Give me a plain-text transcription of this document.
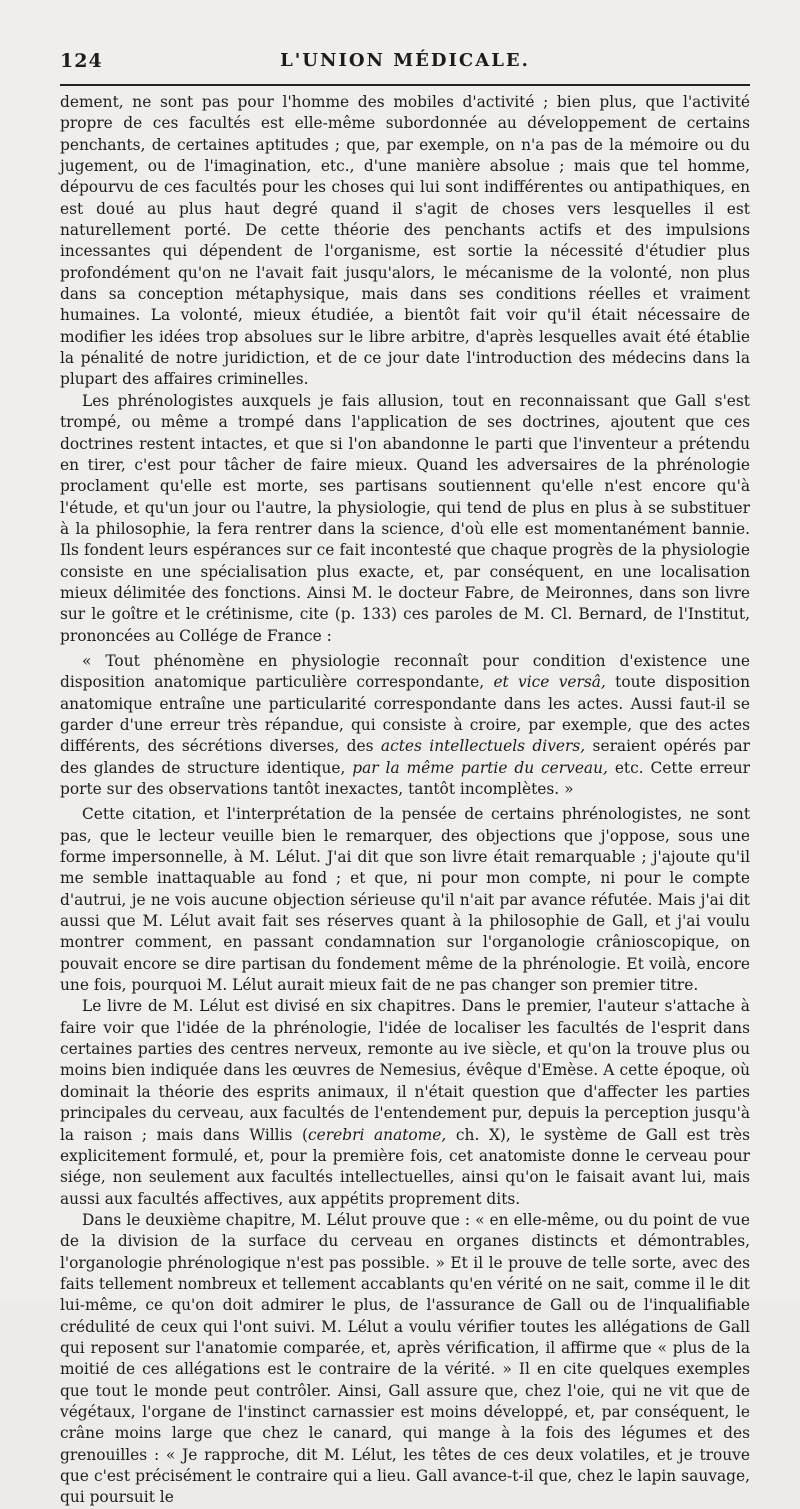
124	L'UNION MÉDICALE.

dement, ne sont pas pour l'homme des mobiles d'activité ; bien plus, que l'activité propre de ces facultés est elle-même subordonnée au développement de certains penchants, de certaines aptitudes ; que, par exemple, on n'a pas de la mémoire ou du jugement, ou de l'imagination, etc., d'une manière absolue ; mais que tel homme, dépourvu de ces facultés pour les choses qui lui sont indifférentes ou antipathiques, en est doué au plus haut degré quand il s'agit de choses vers lesquelles il est naturellement porté. De cette théorie des penchants actifs et des impulsions incessantes qui dépendent de l'organisme, est sortie la nécessité d'étudier plus profondément qu'on ne l'avait fait jusqu'alors, le mécanisme de la volonté, non plus dans sa conception métaphysique, mais dans ses conditions réelles et vraiment humaines. La volonté, mieux étudiée, a bientôt fait voir qu'il était nécessaire de modifier les idées trop absolues sur le libre arbitre, d'après lesquelles avait été établie la pénalité de notre juridiction, et de ce jour date l'introduction des médecins dans la plupart des affaires criminelles.

Les phrénologistes auxquels je fais allusion, tout en reconnaissant que Gall s'est trompé, ou même a trompé dans l'application de ses doctrines, ajoutent que ces doctrines restent intactes, et que si l'on abandonne le parti que l'inventeur a prétendu en tirer, c'est pour tâcher de faire mieux. Quand les adversaires de la phrénologie proclament qu'elle est morte, ses partisans soutiennent qu'elle n'est encore qu'à l'étude, et qu'un jour ou l'autre, la physiologie, qui tend de plus en plus à se substituer à la philosophie, la fera rentrer dans la science, d'où elle est momentanément bannie. Ils fondent leurs espérances sur ce fait incontesté que chaque progrès de la physiologie consiste en une spécialisation plus exacte, et, par conséquent, en une localisation mieux délimitée des fonctions. Ainsi M. le docteur Fabre, de Meironnes, dans son livre sur le goître et le crétinisme, cite (p. 133) ces paroles de M. Cl. Bernard, de l'Institut, prononcées au Collége de France :

« Tout phénomène en physiologie reconnaît pour condition d'existence une disposition anatomique particulière correspondante, et vice versâ, toute disposition anatomique entraîne une particularité correspondante dans les actes. Aussi faut-il se garder d'une erreur très répandue, qui consiste à croire, par exemple, que des actes différents, des sécrétions diverses, des actes intellectuels divers, seraient opérés par des glandes de structure identique, par la même partie du cerveau, etc. Cette erreur porte sur des observations tantôt inexactes, tantôt incomplètes. »

Cette citation, et l'interprétation de la pensée de certains phrénologistes, ne sont pas, que le lecteur veuille bien le remarquer, des objections que j'oppose, sous une forme impersonnelle, à M. Lélut. J'ai dit que son livre était remarquable ; j'ajoute qu'il me semble inattaquable au fond ; et que, ni pour mon compte, ni pour le compte d'autrui, je ne vois aucune objection sérieuse qu'il n'ait par avance réfutée. Mais j'ai dit aussi que M. Lélut avait fait ses réserves quant à la philosophie de Gall, et j'ai voulu montrer comment, en passant condamnation sur l'organologie crânioscopique, on pouvait encore se dire partisan du fondement même de la phrénologie. Et voilà, encore une fois, pourquoi M. Lélut aurait mieux fait de ne pas changer son premier titre.

Le livre de M. Lélut est divisé en six chapitres. Dans le premier, l'auteur s'attache à faire voir que l'idée de la phrénologie, l'idée de localiser les facultés de l'esprit dans certaines parties des centres nerveux, remonte au ive siècle, et qu'on la trouve plus ou moins bien indiquée dans les œuvres de Nemesius, évêque d'Emèse. A cette époque, où dominait la théorie des esprits animaux, il n'était question que d'affecter les parties principales du cerveau, aux facultés de l'entendement pur, depuis la perception jusqu'à la raison ; mais dans Willis (cerebri anatome, ch. X), le système de Gall est très explicitement formulé, et, pour la première fois, cet anatomiste donne le cerveau pour siége, non seulement aux facultés intellectuelles, ainsi qu'on le faisait avant lui, mais aussi aux facultés affectives, aux appétits proprement dits.

Dans le deuxième chapitre, M. Lélut prouve que : « en elle-même, ou du point de vue de la division de la surface du cerveau en organes distincts et démontrables, l'organologie phrénologique n'est pas possible. » Et il le prouve de telle sorte, avec des faits tellement nombreux et tellement accablants qu'en vérité on ne sait, comme il le dit lui-même, ce qu'on doit admirer le plus, de l'assurance de Gall ou de l'inqualifiable crédulité de ceux qui l'ont suivi. M. Lélut a voulu vérifier toutes les allégations de Gall qui reposent sur l'anatomie comparée, et, après vérification, il affirme que « plus de la moitié de ces allégations est le contraire de la vérité. » Il en cite quelques exemples que tout le monde peut contrôler. Ainsi, Gall assure que, chez l'oie, qui ne vit que de végétaux, l'organe de l'instinct carnassier est moins développé, et, par conséquent, le crâne moins large que chez le canard, qui mange à la fois des légumes et des grenouilles : « Je rapproche, dit M. Lélut, les têtes de ces deux volatiles, et je trouve que c'est précisément le contraire qui a lieu. Gall avance-t-il que, chez le lapin sauvage, qui poursuit le
